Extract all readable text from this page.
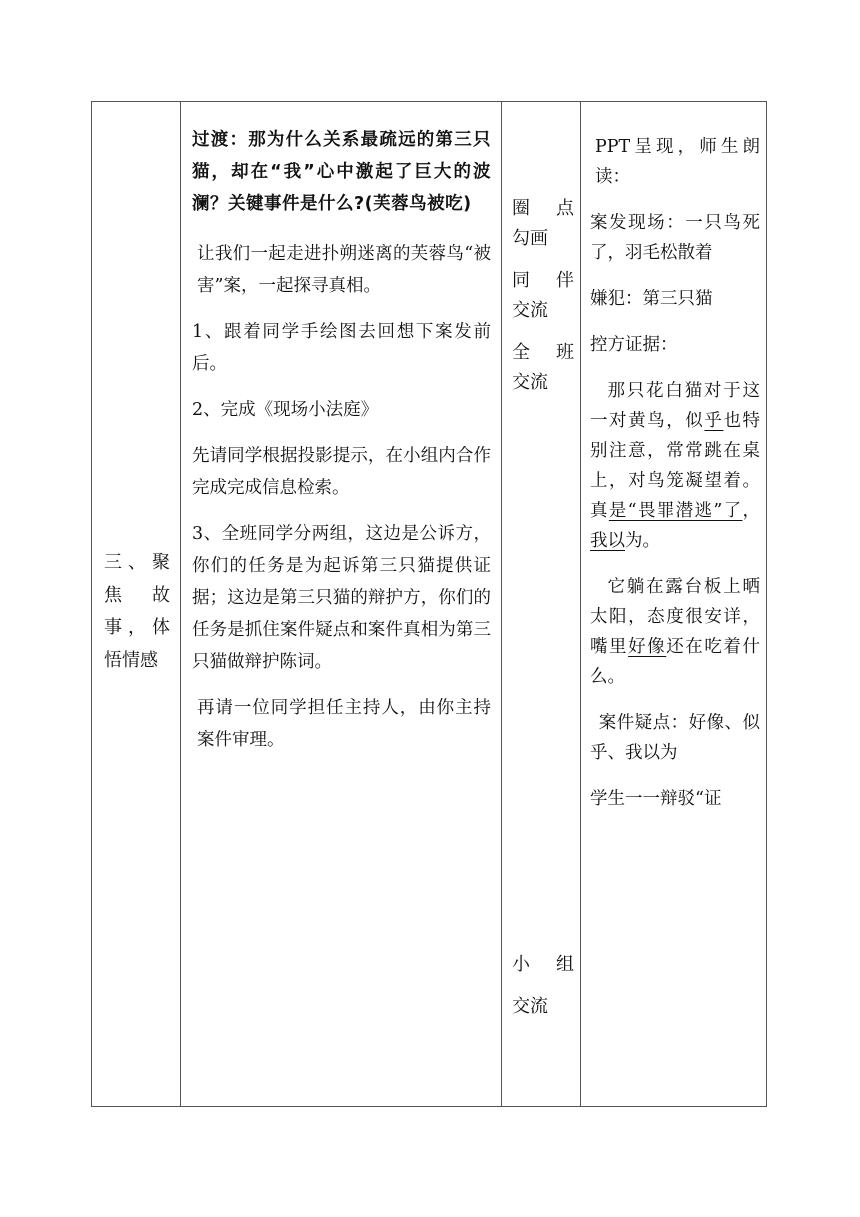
三、聚
焦　故
事，体
悟情感

过渡：那为什么关系最疏远的第三只猫，却在“我”心中激起了巨大的波澜？关键事件是什么?(芙蓉鸟被吃)

让我们一起走进扑朔迷离的芙蓉鸟“被害”案，一起探寻真相。

1、跟着同学手绘图去回想下案发前后。

2、完成《现场小法庭》

先请同学根据投影提示，在小组内合作完成完成信息检索。

3、全班同学分两组，这边是公诉方，你们的任务是为起诉第三只猫提供证据；这边是第三只猫的辩护方，你们的任务是抓住案件疑点和案件真相为第三只猫做辩护陈词。

再请一位同学担任主持人，由你主持案件审理。

圈　点
勾画
同　伴
交流
全　班
交流
小　组
交流

PPT呈现，师生朗读：

案发现场：一只鸟死了，羽毛松散着

嫌犯：第三只猫

控方证据：

那只花白猫对于这一对黄鸟，似乎也特别注意，常常跳在桌上，对鸟笼凝望着。真是“畏罪潜逃”了，我以为。

它躺在露台板上晒太阳，态度很安详，嘴里好像还在吃着什么。

案件疑点：好像、似乎、我以为

学生一一辩驳“证
